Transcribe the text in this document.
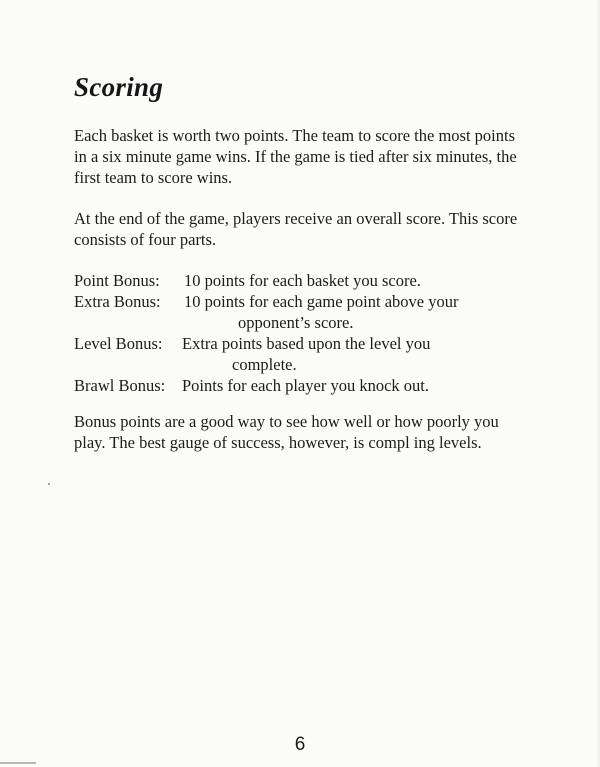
Scoring

Each basket is worth two points. The team to score the most points
in a six minute game wins. If the game is tied after six minutes, the
first team to score wins.

At the end of the game, players receive an overall score. This score
consists of four parts.

Point Bonus:	10 points for each basket you score.
Extra Bonus:	10 points for each game point above your
opponent’s score.
Level Bonus:	Extra points based upon the level you
complete.
Brawl Bonus:	Points for each player you knock out.

Bonus points are a good way to see how well or how poorly you
play. The best gauge of success, however, is compl ing levels.

6
